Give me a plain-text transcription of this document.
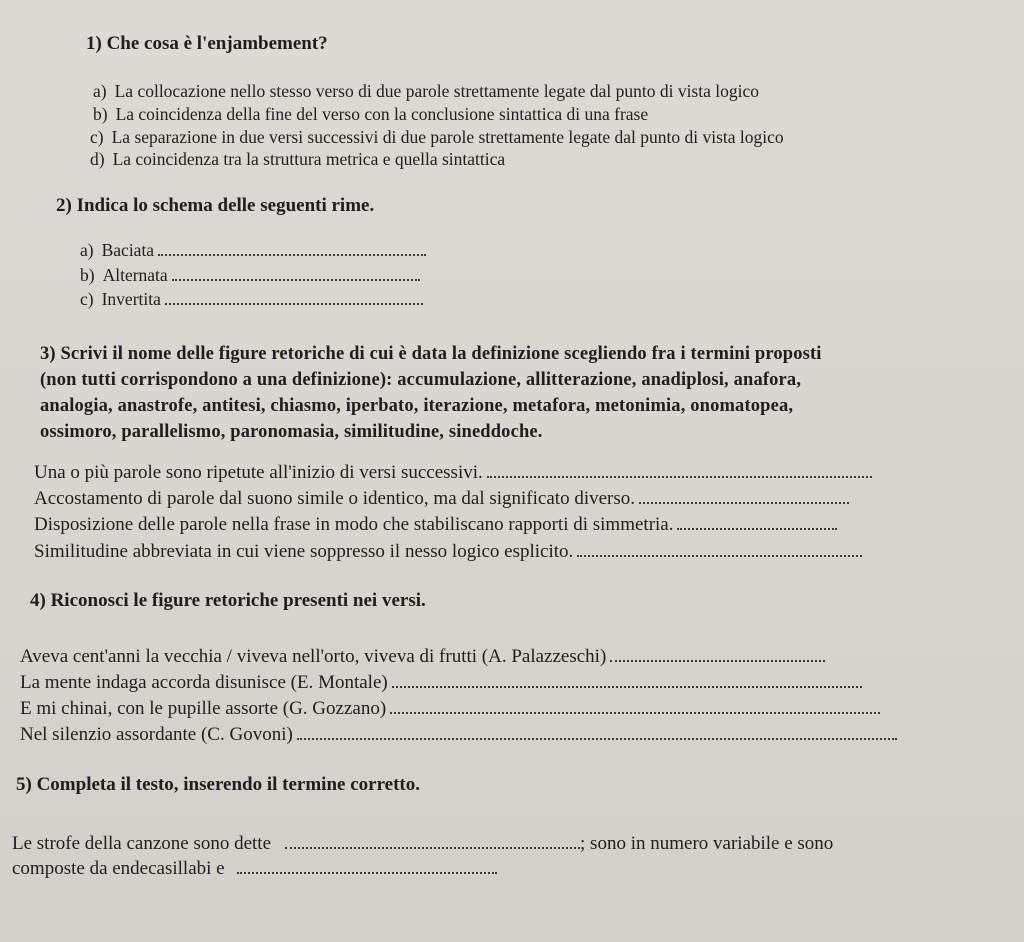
1) Che cosa è l'enjambement?
a) La collocazione nello stesso verso di due parole strettamente legate dal punto di vista logico
b) La coincidenza della fine del verso con la conclusione sintattica di una frase
c) La separazione in due versi successivi di due parole strettamente legate dal punto di vista logico
d) La coincidenza tra la struttura metrica e quella sintattica
2) Indica lo schema delle seguenti rime.
a) Baciata
b) Alternata
c) Invertita
3) Scrivi il nome delle figure retoriche di cui è data la definizione scegliendo fra i termini proposti
(non tutti corrispondono a una definizione): accumulazione, allitterazione, anadiplosi, anafora,
analogia, anastrofe, antitesi, chiasmo, iperbato, iterazione, metafora, metonimia, onomatopea,
ossimoro, parallelismo, paronomasia, similitudine, sineddoche.
Una o più parole sono ripetute all'inizio di versi successivi.
Accostamento di parole dal suono simile o identico, ma dal significato diverso.
Disposizione delle parole nella frase in modo che stabiliscano rapporti di simmetria.
Similitudine abbreviata in cui viene soppresso il nesso logico esplicito.
4) Riconosci le figure retoriche presenti nei versi.
Aveva cent'anni la vecchia / viveva nell'orto, viveva di frutti (A. Palazzeschi)
La mente indaga accorda disunisce (E. Montale)
E mi chinai, con le pupille assorte (G. Gozzano)
Nel silenzio assordante (C. Govoni)
5) Completa il testo, inserendo il termine corretto.
Le strofe della canzone sono dette	; sono in numero variabile e sono
composte da endecasillabi e
